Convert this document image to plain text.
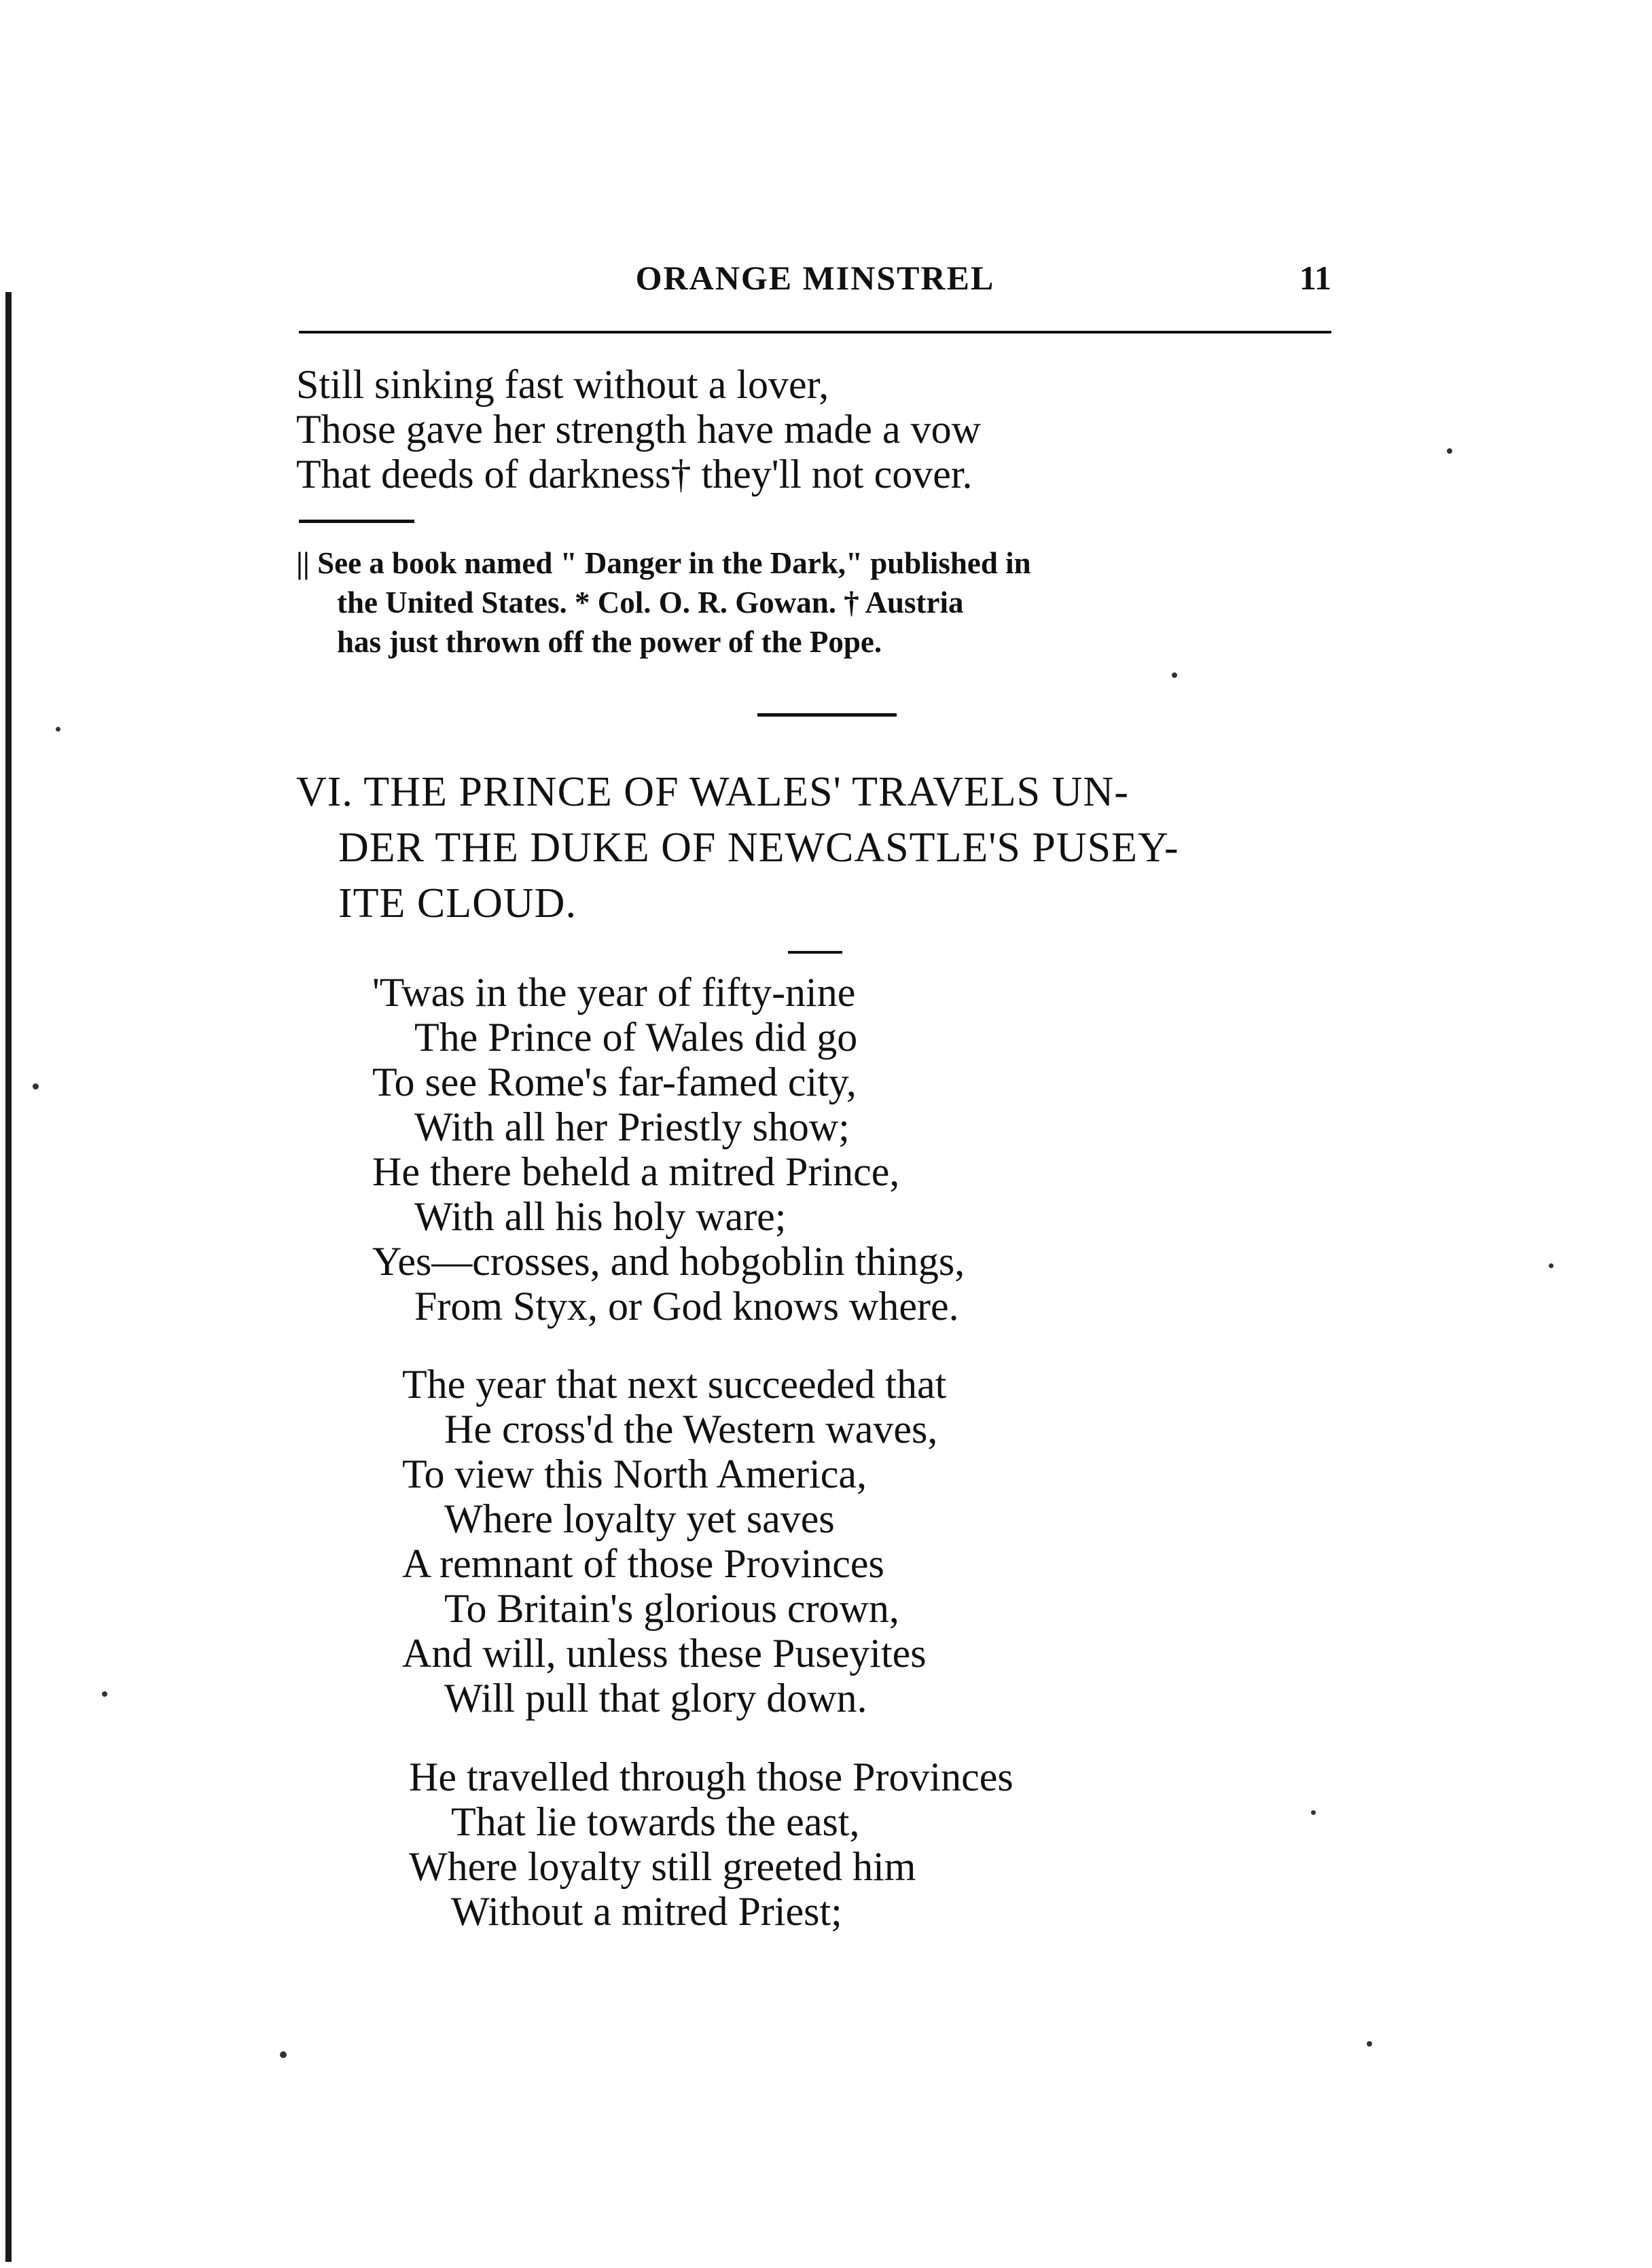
ORANGE MINSTREL	11
Still sinking fast without a lover,
Those gave her strength have made a vow
That deeds of darkness† they'll not cover.
|| See a book named " Danger in the Dark," published in
the United States. * Col. O. R. Gowan. † Austria
has just thrown off the power of the Pope.
VI. THE PRINCE OF WALES' TRAVELS UN-
DER THE DUKE OF NEWCASTLE'S PUSEY-
ITE CLOUD.
'Twas in the year of fifty-nine
The Prince of Wales did go
To see Rome's far-famed city,
With all her Priestly show;
He there beheld a mitred Prince,
With all his holy ware;
Yes—crosses, and hobgoblin things,
From Styx, or God knows where.
The year that next succeeded that
He cross'd the Western waves,
To view this North America,
Where loyalty yet saves
A remnant of those Provinces
To Britain's glorious crown,
And will, unless these Puseyites
Will pull that glory down.
He travelled through those Provinces
That lie towards the east,
Where loyalty still greeted him
Without a mitred Priest;
